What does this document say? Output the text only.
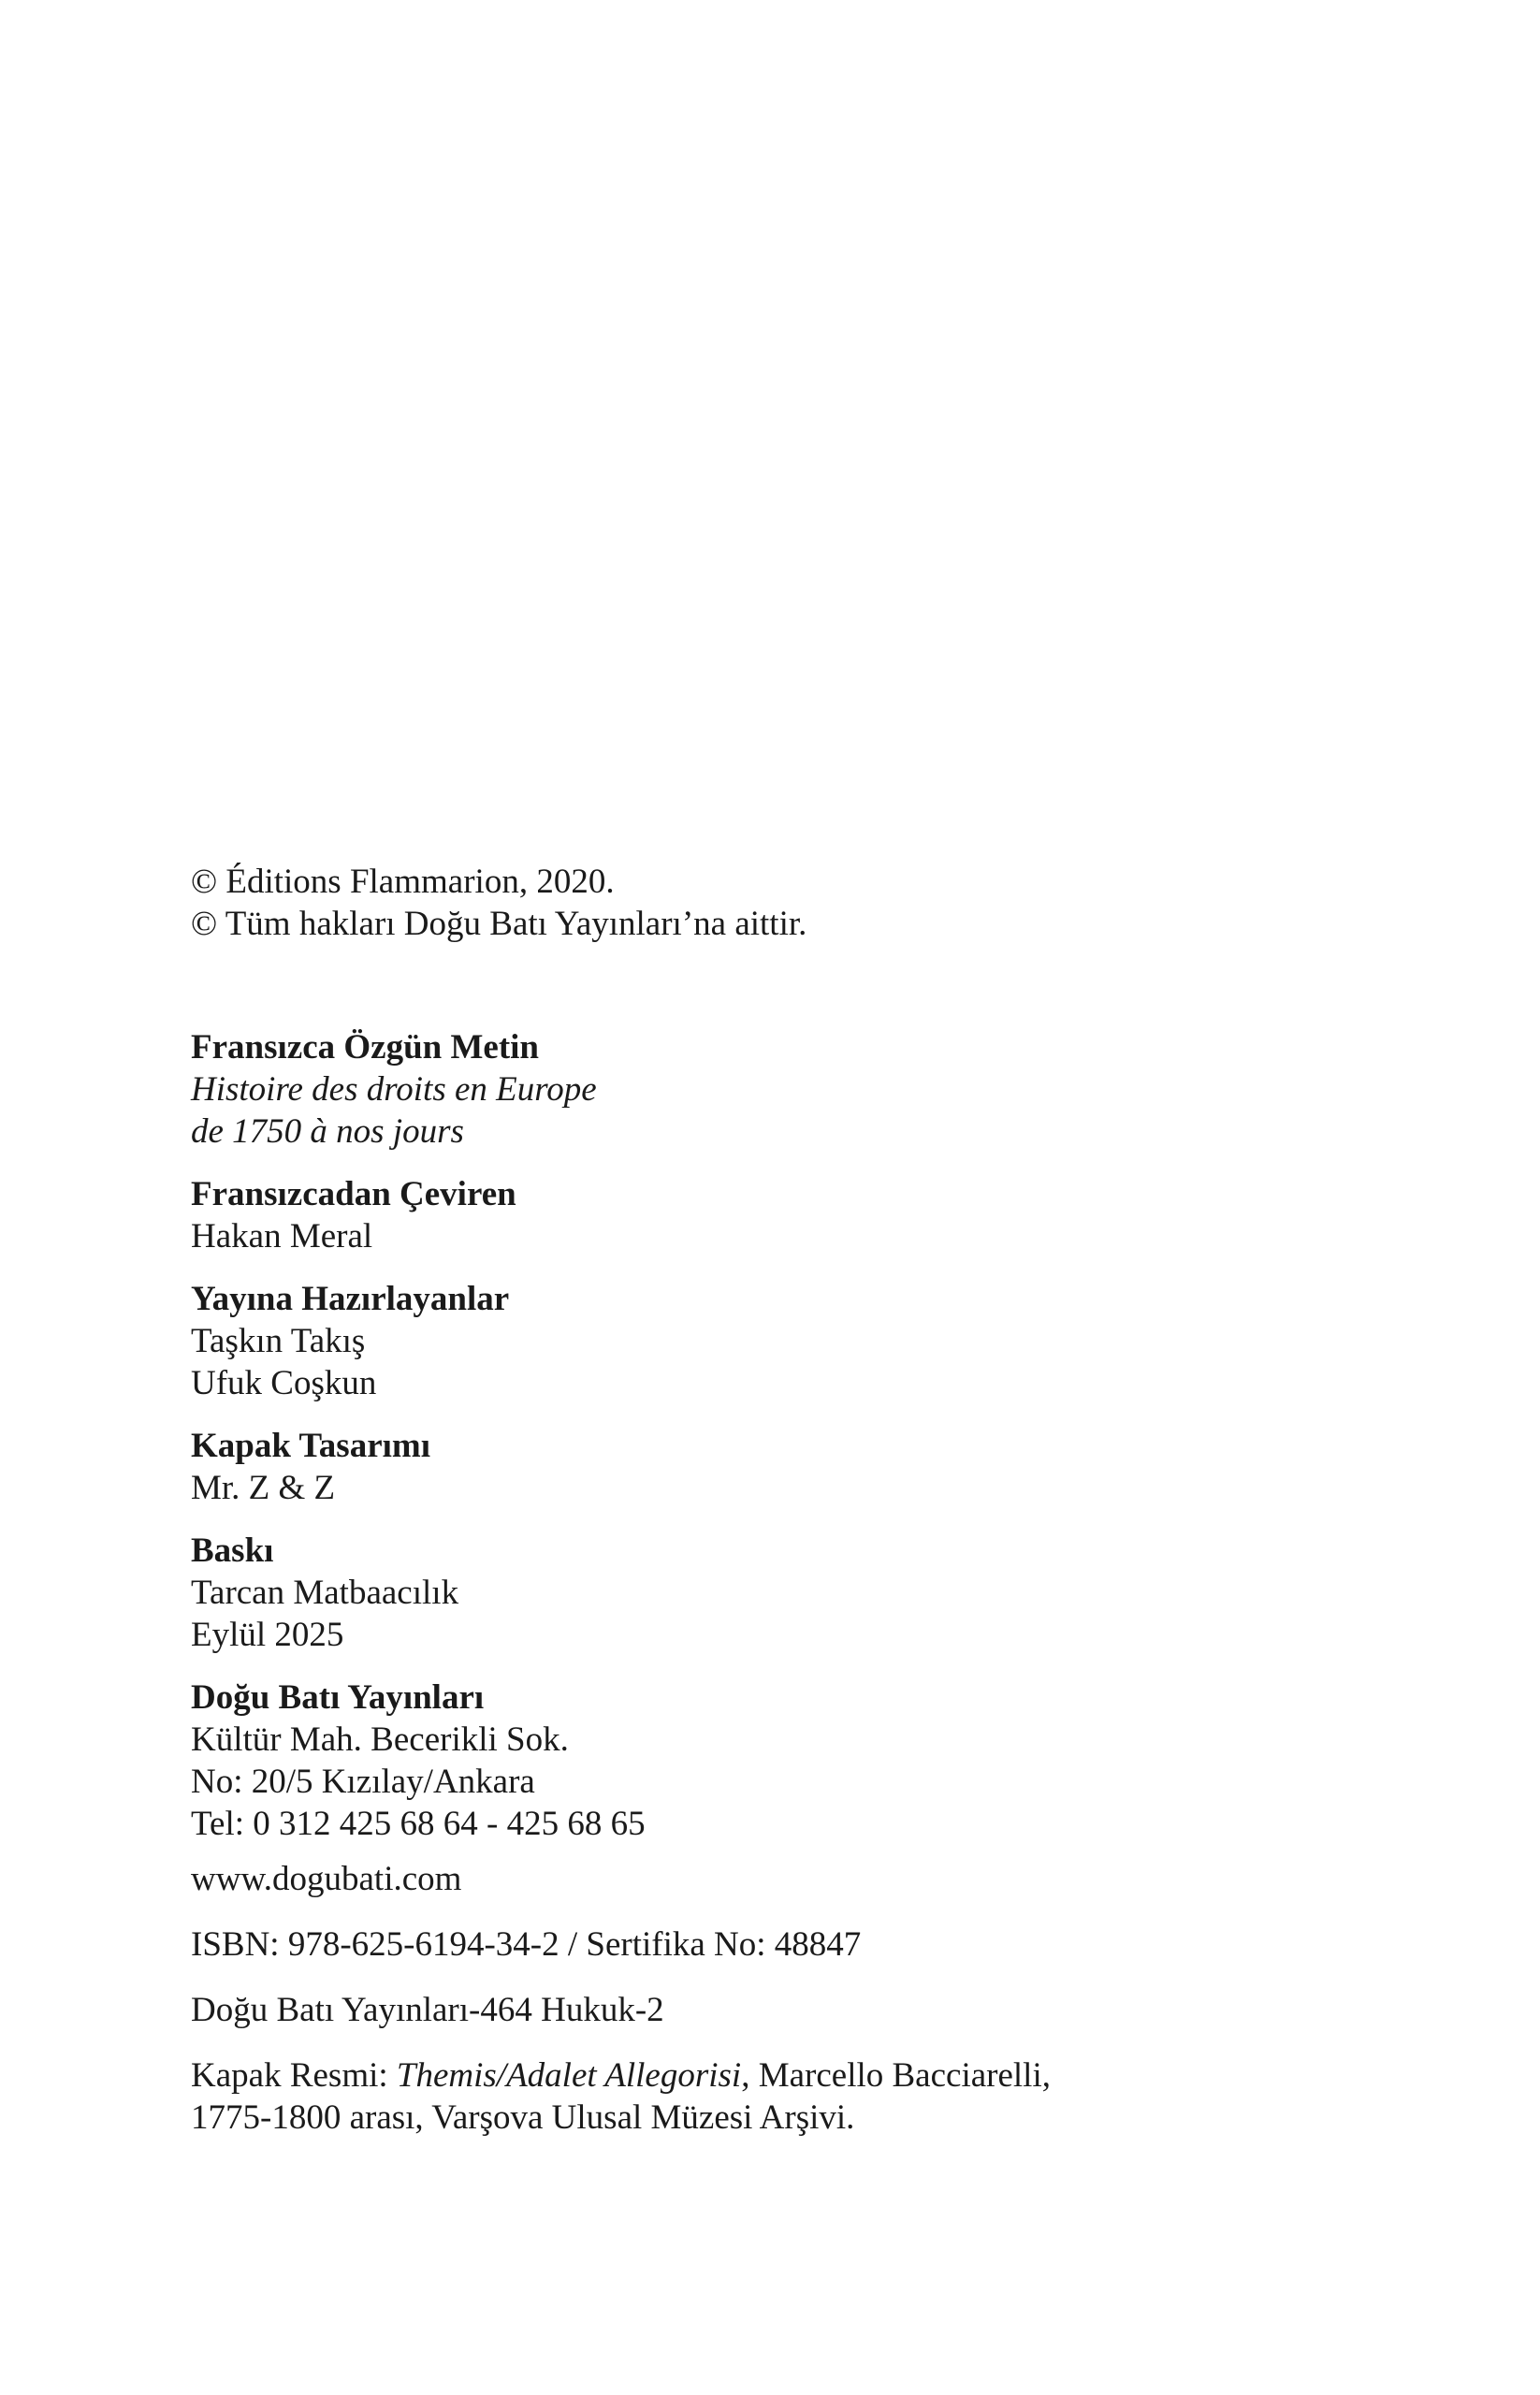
© Éditions Flammarion, 2020.
© Tüm hakları Doğu Batı Yayınları’na aittir.
Fransızca Özgün Metin
Histoire des droits en Europe
de 1750 à nos jours
Fransızcadan Çeviren
Hakan Meral
Yayına Hazırlayanlar
Taşkın Takış
Ufuk Coşkun
Kapak Tasarımı
Mr. Z & Z
Baskı
Tarcan Matbaacılık
Eylül 2025
Doğu Batı Yayınları
Kültür Mah. Becerikli Sok.
No: 20/5 Kızılay/Ankara
Tel: 0 312 425 68 64 - 425 68 65
www.dogubati.com
ISBN: 978-625-6194-34-2 / Sertifika No: 48847
Doğu Batı Yayınları-464 Hukuk-2
Kapak Resmi: Themis/Adalet Allegorisi, Marcello Bacciarelli,
1775-1800 arası, Varşova Ulusal Müzesi Arşivi.
